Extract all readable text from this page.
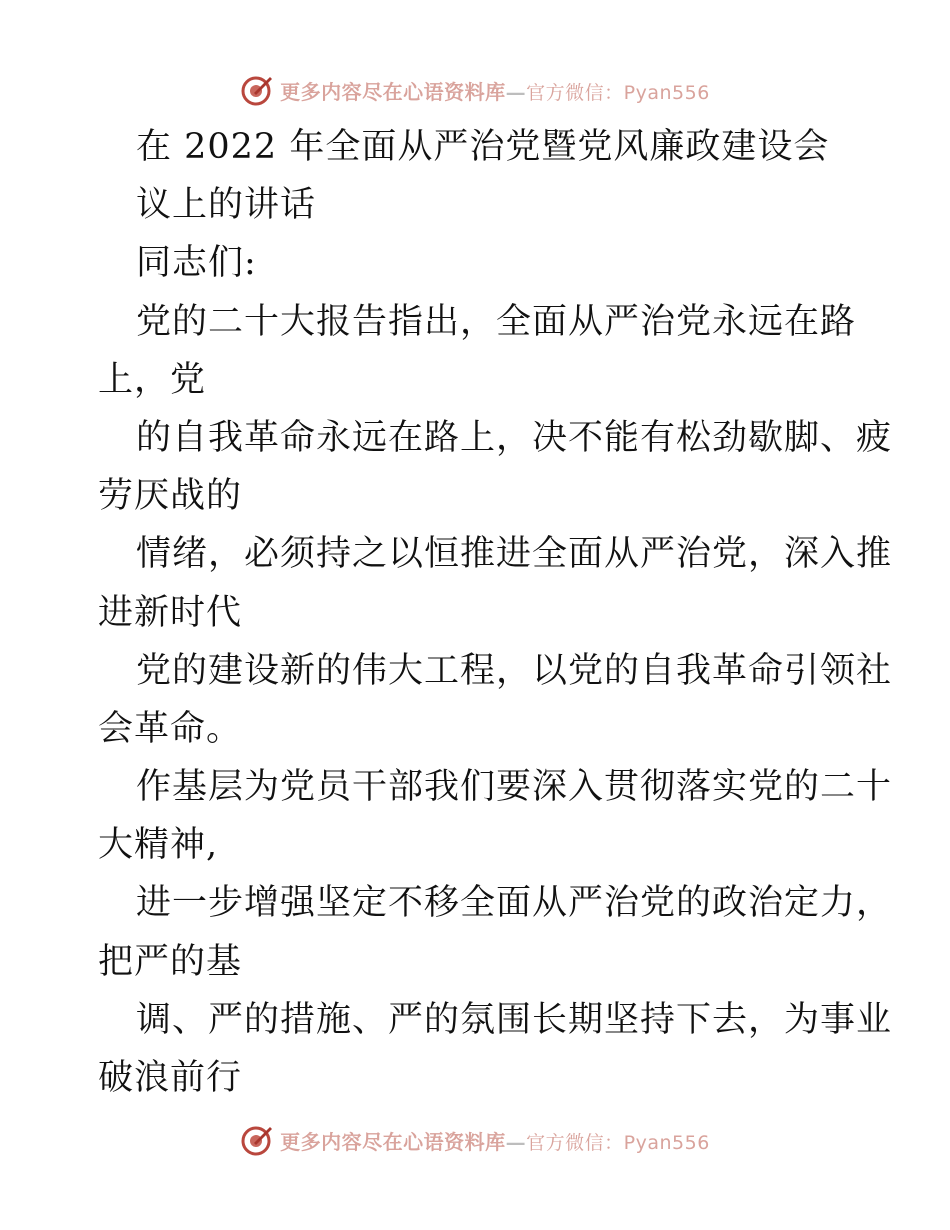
更多内容尽在心语资料库—官方微信：Pyan556
在 2022 年全面从严治党暨党风廉政建设会
议上的讲话
同志们:
党的二十大报告指出，全面从严治党永远在路
上，党
的自我革命永远在路上，决不能有松劲歇脚、疲
劳厌战的
情绪，必须持之以恒推进全面从严治党，深入推
进新时代
党的建设新的伟大工程，以党的自我革命引领社
会革命。
作基层为党员干部我们要深入贯彻落实党的二十
大精神,
进一步增强坚定不移全面从严治党的政治定力，
把严的基
调、严的措施、严的氛围长期坚持下去，为事业
破浪前行
更多内容尽在心语资料库—官方微信：Pyan556
